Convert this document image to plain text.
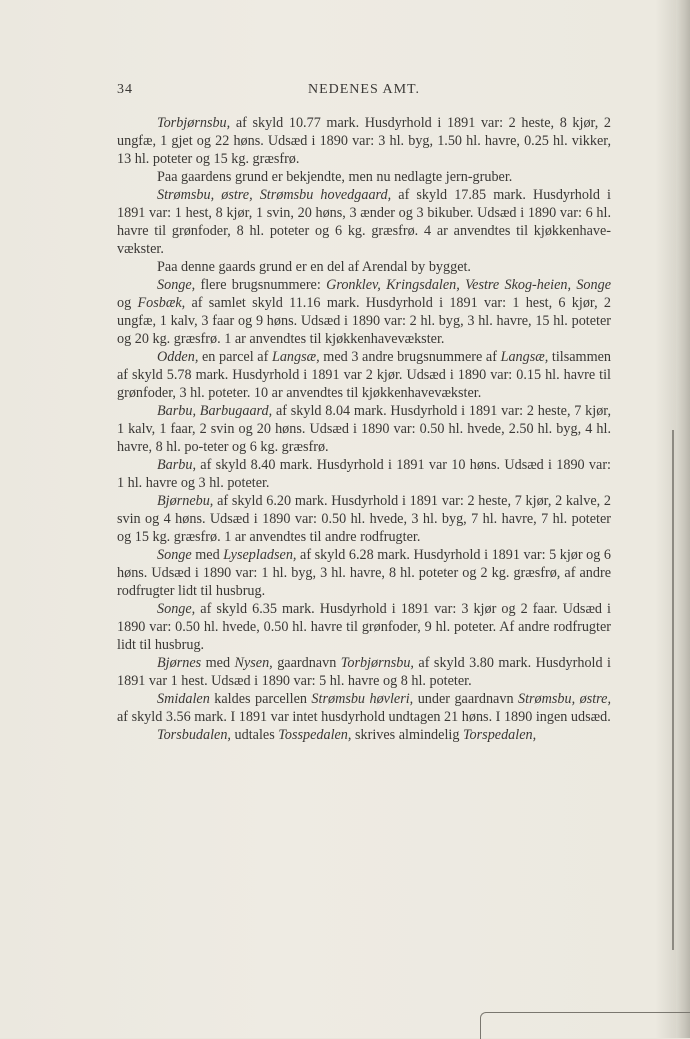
34	NEDENES AMT.

Torbjørnsbu, af skyld 10.77 mark. Husdyrhold i 1891 var: 2 heste, 8 kjør, 2 ungfæ, 1 gjet og 22 høns. Udsæd i 1890 var: 3 hl. byg, 1.50 hl. havre, 0.25 hl. vikker, 13 hl. poteter og 15 kg. græsfrø.

Paa gaardens grund er bekjendte, men nu nedlagte jern-gruber.

Strømsbu, østre, Strømsbu hovedgaard, af skyld 17.85 mark. Husdyrhold i 1891 var: 1 hest, 8 kjør, 1 svin, 20 høns, 3 ænder og 3 bikuber. Udsæd i 1890 var: 6 hl. havre til grønfoder, 8 hl. poteter og 6 kg. græsfrø. 4 ar anvendtes til kjøkkenhave-vækster.

Paa denne gaards grund er en del af Arendal by bygget.

Songe, flere brugsnummere: Gronklev, Kringsdalen, Vestre Skog-heien, Songe og Fosbæk, af samlet skyld 11.16 mark. Husdyrhold i 1891 var: 1 hest, 6 kjør, 2 ungfæ, 1 kalv, 3 faar og 9 høns. Udsæd i 1890 var: 2 hl. byg, 3 hl. havre, 15 hl. poteter og 20 kg. græsfrø. 1 ar anvendtes til kjøkkenhavevækster.

Odden, en parcel af Langsæ, med 3 andre brugsnummere af Langsæ, tilsammen af skyld 5.78 mark. Husdyrhold i 1891 var 2 kjør. Udsæd i 1890 var: 0.15 hl. havre til grønfoder, 3 hl. poteter. 10 ar anvendtes til kjøkkenhavevækster.

Barbu, Barbugaard, af skyld 8.04 mark. Husdyrhold i 1891 var: 2 heste, 7 kjør, 1 kalv, 1 faar, 2 svin og 20 høns. Udsæd i 1890 var: 0.50 hl. hvede, 2.50 hl. byg, 4 hl. havre, 8 hl. po-teter og 6 kg. græsfrø.

Barbu, af skyld 8.40 mark. Husdyrhold i 1891 var 10 høns. Udsæd i 1890 var: 1 hl. havre og 3 hl. poteter.

Bjørnebu, af skyld 6.20 mark. Husdyrhold i 1891 var: 2 heste, 7 kjør, 2 kalve, 2 svin og 4 høns. Udsæd i 1890 var: 0.50 hl. hvede, 3 hl. byg, 7 hl. havre, 7 hl. poteter og 15 kg. græsfrø. 1 ar anvendtes til andre rodfrugter.

Songe med Lysepladsen, af skyld 6.28 mark. Husdyrhold i 1891 var: 5 kjør og 6 høns. Udsæd i 1890 var: 1 hl. byg, 3 hl. havre, 8 hl. poteter og 2 kg. græsfrø, af andre rodfrugter lidt til husbrug.

Songe, af skyld 6.35 mark. Husdyrhold i 1891 var: 3 kjør og 2 faar. Udsæd i 1890 var: 0.50 hl. hvede, 0.50 hl. havre til grønfoder, 9 hl. poteter. Af andre rodfrugter lidt til husbrug.

Bjørnes med Nysen, gaardnavn Torbjørnsbu, af skyld 3.80 mark. Husdyrhold i 1891 var 1 hest. Udsæd i 1890 var: 5 hl. havre og 8 hl. poteter.

Smidalen kaldes parcellen Strømsbu høvleri, under gaardnavn Strømsbu, østre, af skyld 3.56 mark. I 1891 var intet husdyrhold undtagen 21 høns. I 1890 ingen udsæd.

Torsbudalen, udtales Tosspedalen, skrives almindelig Torspedalen,
